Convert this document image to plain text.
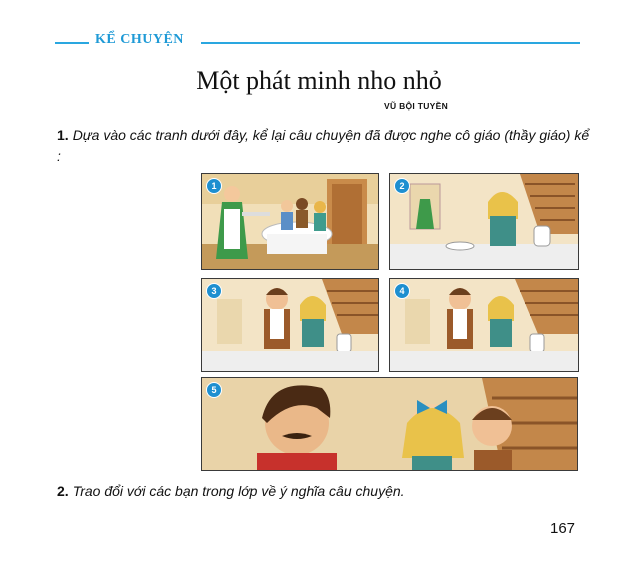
KỂ CHUYỆN
Một phát minh nho nhỏ
VŨ BỘI TUYỀN
1. Dựa vào các tranh dưới đây, kể lại câu chuyện đã được nghe cô giáo (thầy giáo) kể :
1	2
3	4
5
2. Trao đổi với các bạn trong lớp về ý nghĩa câu chuyện.
167
